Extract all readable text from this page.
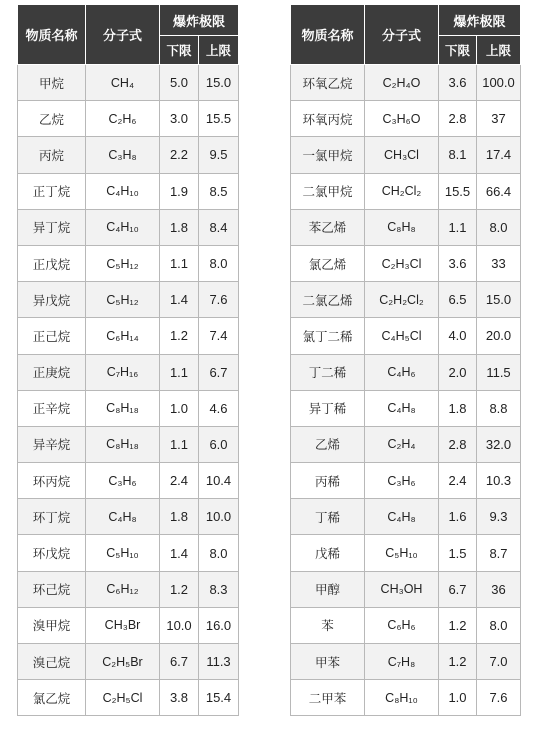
物质名称	分子式	爆炸极限	
		下限	上限
甲烷	CH₄	5.0	15.0
乙烷	C₂H₆	3.0	15.5
丙烷	C₃H₈	2.2	9.5
正丁烷	C₄H₁₀	1.9	8.5
异丁烷	C₄H₁₀	1.8	8.4
正戊烷	C₅H₁₂	1.1	8.0
异戊烷	C₅H₁₂	1.4	7.6
正己烷	C₆H₁₄	1.2	7.4
正庚烷	C₇H₁₆	1.1	6.7
正辛烷	C₈H₁₈	1.0	4.6
异辛烷	C₈H₁₈	1.1	6.0
环丙烷	C₃H₆	2.4	10.4
环丁烷	C₄H₈	1.8	10.0
环戊烷	C₅H₁₀	1.4	8.0
环己烷	C₆H₁₂	1.2	8.3
溴甲烷	CH₃Br	10.0	16.0
溴己烷	C₂H₅Br	6.7	11.3
氯乙烷	C₂H₅Cl	3.8	15.4
物质名称	分子式	爆炸极限	
		下限	上限
环氧乙烷	C₂H₄O	3.6	100.0
环氧丙烷	C₃H₆O	2.8	37
一氯甲烷	CH₃Cl	8.1	17.4
二氯甲烷	CH₂Cl₂	15.5	66.4
苯乙烯	C₈H₈	1.1	8.0
氯乙烯	C₂H₃Cl	3.6	33
二氯乙烯	C₂H₂Cl₂	6.5	15.0
氯丁二稀	C₄H₅Cl	4.0	20.0
丁二稀	C₄H₆	2.0	11.5
异丁稀	C₄H₈	1.8	8.8
乙烯	C₂H₄	2.8	32.0
丙稀	C₃H₆	2.4	10.3
丁稀	C₄H₈	1.6	9.3
戊稀	C₅H₁₀	1.5	8.7
甲醇	CH₃OH	6.7	36
苯	C₆H₆	1.2	8.0
甲苯	C₇H₈	1.2	7.0
二甲苯	C₈H₁₀	1.0	7.6
